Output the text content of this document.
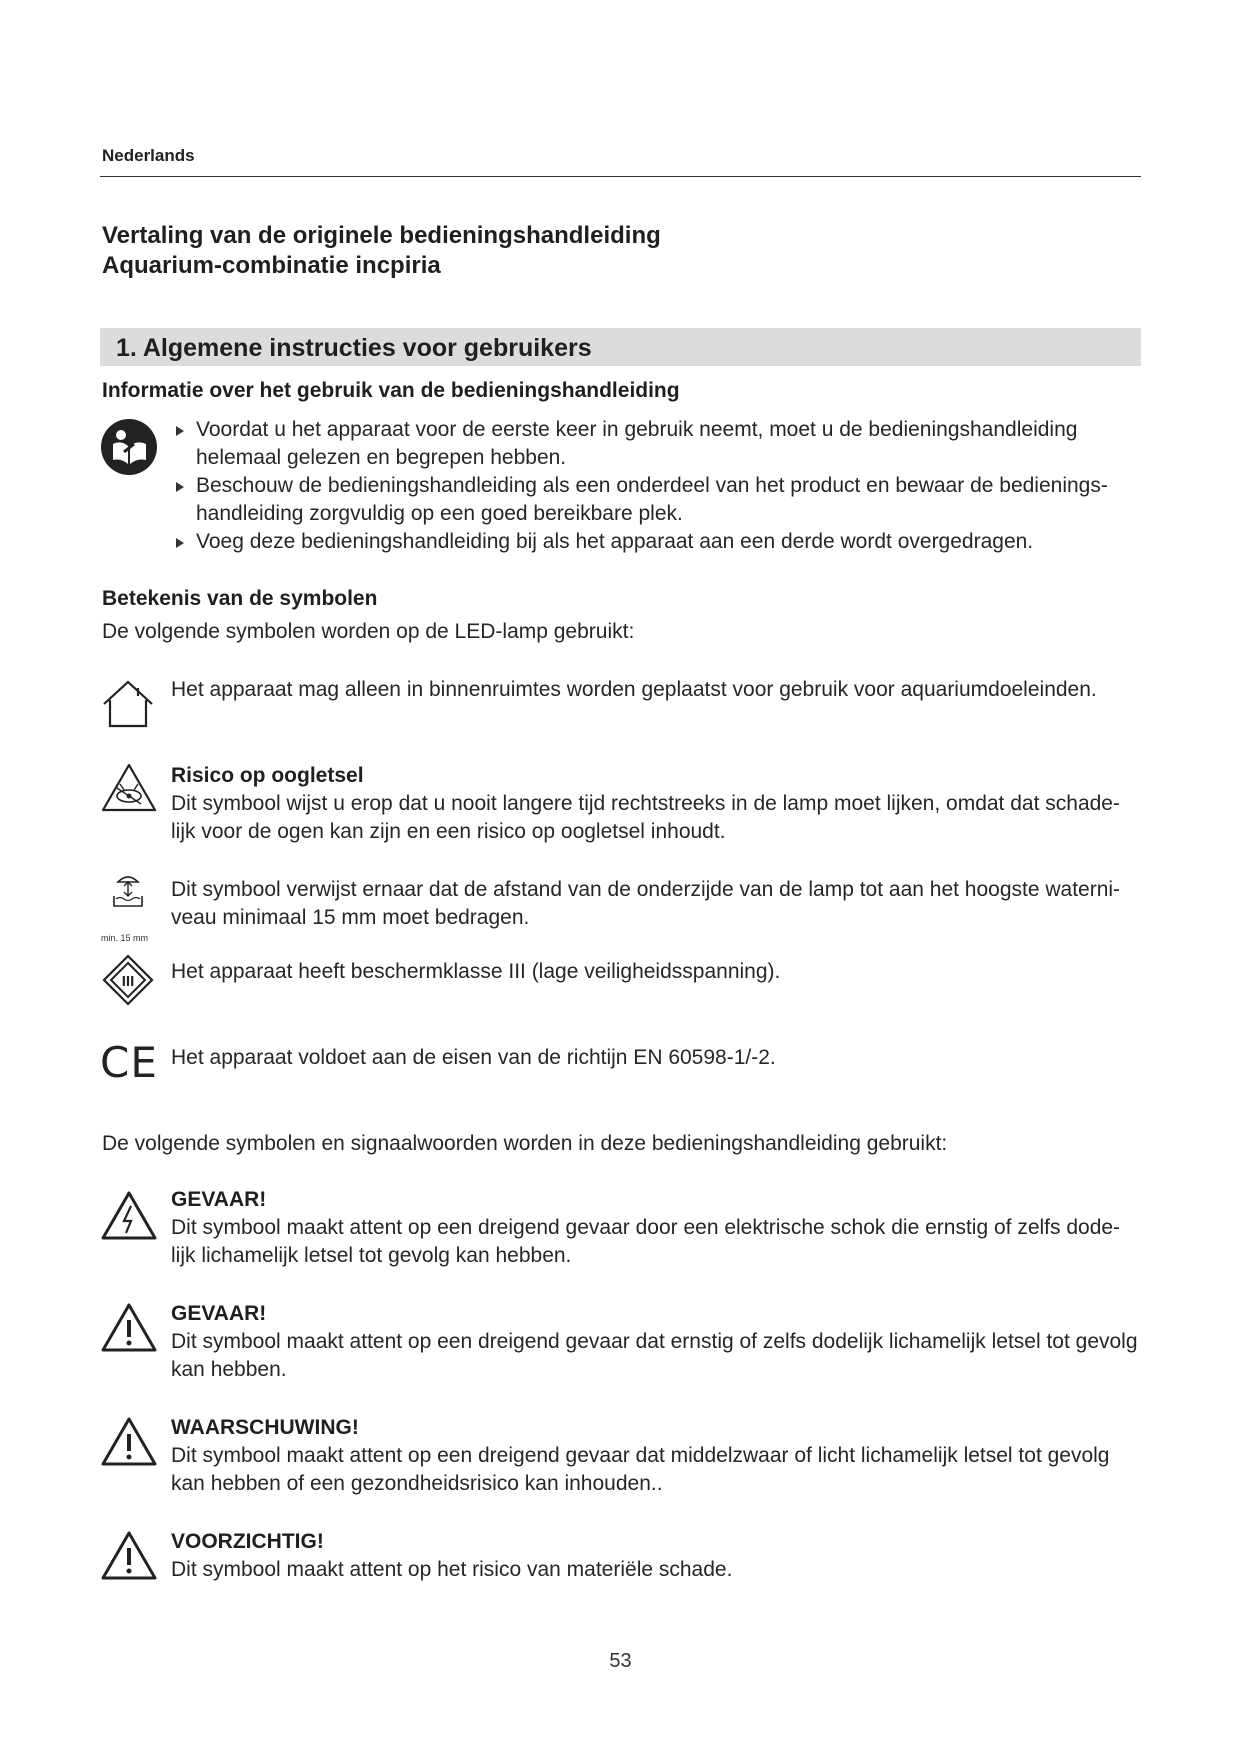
Nederlands
Vertaling van de originele bedieningshandleiding
Aquarium-combinatie incpiria
1. Algemene instructies voor gebruikers
Informatie over het gebruik van de bedieningshandleiding
Voordat u het apparaat voor de eerste keer in gebruik neemt, moet u de bedieningshandleiding helemaal gelezen en begrepen hebben.
Beschouw de bedieningshandleiding als een onderdeel van het product en bewaar de bedienings-handleiding zorgvuldig op een goed bereikbare plek.
Voeg deze bedieningshandleiding bij als het apparaat aan een derde wordt overgedragen.
Betekenis van de symbolen
De volgende symbolen worden op de LED-lamp gebruikt:
Het apparaat mag alleen in binnenruimtes worden geplaatst voor gebruik voor aquariumdoeleinden.
Risico op oogletsel
Dit symbool wijst u erop dat u nooit langere tijd rechtstreeks in de lamp moet lijken, omdat dat schade-lijk voor de ogen kan zijn en een risico op oogletsel inhoudt.
min. 15 mm
Dit symbool verwijst ernaar dat de afstand van de onderzijde van de lamp tot aan het hoogste waterni-veau minimaal 15 mm moet bedragen.
III Het apparaat heeft beschermklasse III (lage veiligheidsspanning).
CE Het apparaat voldoet aan de eisen van de richtijn EN 60598-1/-2.
De volgende symbolen en signaalwoorden worden in deze bedieningshandleiding gebruikt:
GEVAAR!
Dit symbool maakt attent op een dreigend gevaar door een elektrische schok die ernstig of zelfs dode-lijk lichamelijk letsel tot gevolg kan hebben.
GEVAAR!
Dit symbool maakt attent op een dreigend gevaar dat ernstig of zelfs dodelijk lichamelijk letsel tot gevolg kan hebben.
WAARSCHUWING!
Dit symbool maakt attent op een dreigend gevaar dat middelzwaar of licht lichamelijk letsel tot gevolg kan hebben of een gezondheidsrisico kan inhouden..
VOORZICHTIG!
Dit symbool maakt attent op het risico van materiële schade.
53
